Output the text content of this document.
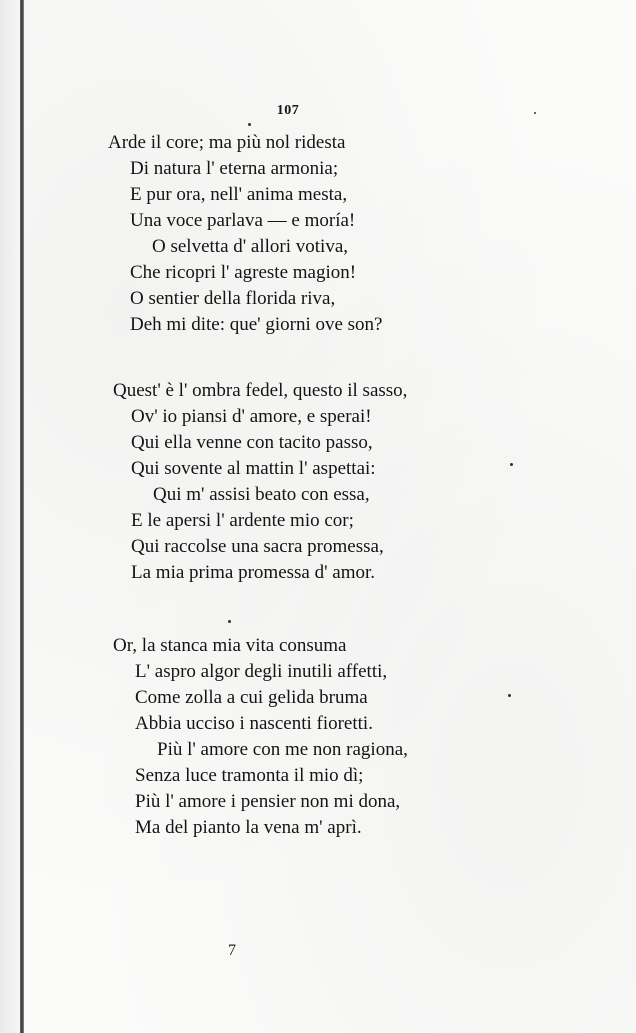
107
Arde il core; ma più nol ridesta
Di natura l' eterna armonia;
E pur ora, nell' anima mesta,
Una voce parlava — e moría!
O selvetta d' allori votiva,
Che ricopri l' agreste magion!
O sentier della florida riva,
Deh mi dite: que' giorni ove son?
Quest' è l' ombra fedel, questo il sasso,
Ov' io piansi d' amore, e sperai!
Qui ella venne con tacito passo,
Qui sovente al mattin l' aspettai:
Qui m' assisi beato con essa,
E le apersi l' ardente mio cor;
Qui raccolse una sacra promessa,
La mia prima promessa d' amor.
Or, la stanca mia vita consuma
L' aspro algor degli inutili affetti,
Come zolla a cui gelida bruma
Abbia ucciso i nascenti fioretti.
Più l' amore con me non ragiona,
Senza luce tramonta il mio dì;
Più l' amore i pensier non mi dona,
Ma del pianto la vena m' aprì.
7
